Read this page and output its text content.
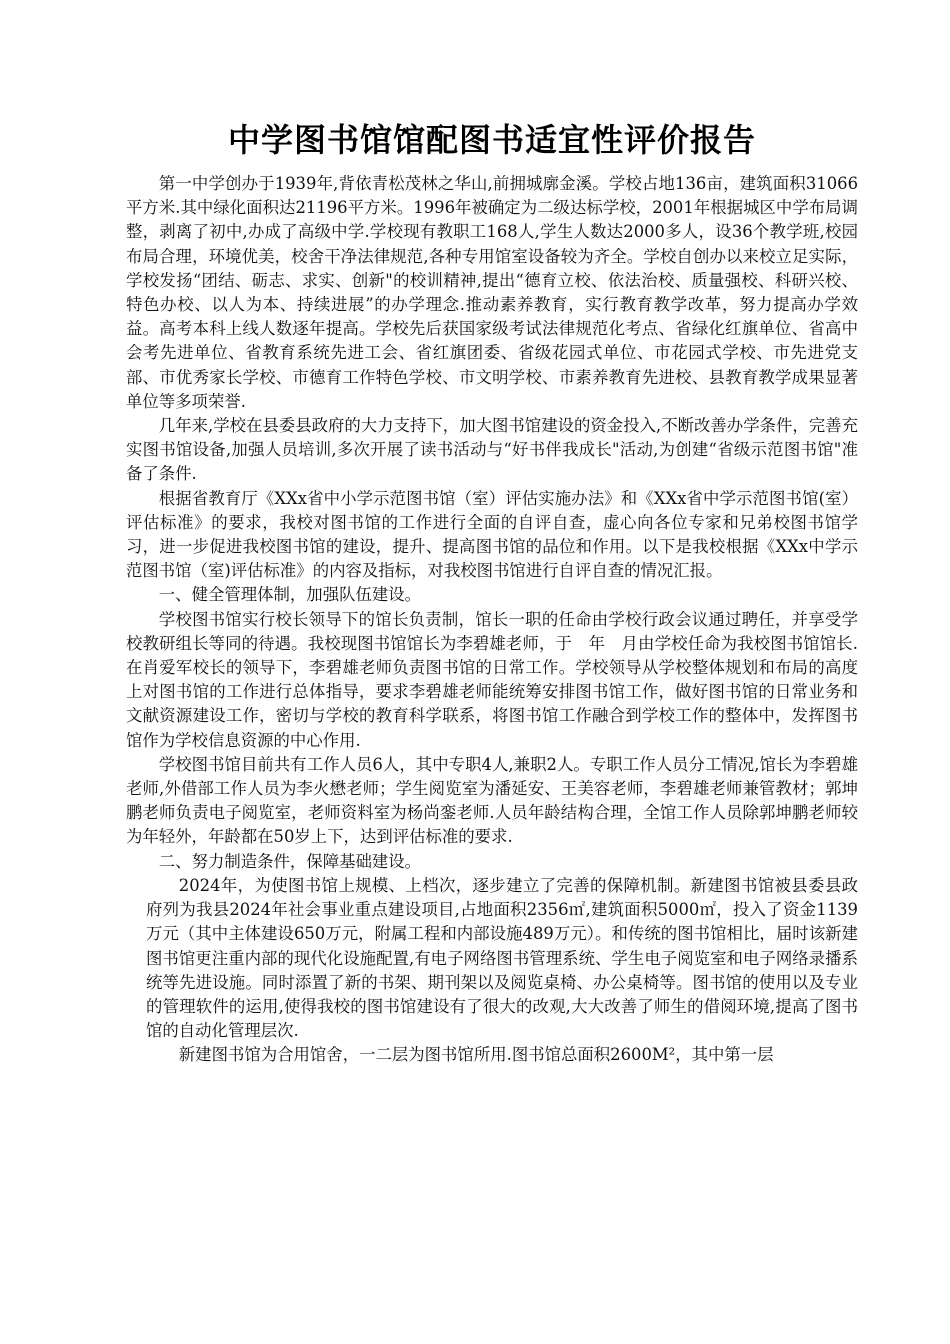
中学图书馆馆配图书适宜性评价报告

第一中学创办于1939年,背依青松茂林之华山,前拥城廓金溪。学校占地136亩，建筑面积31066平方米.其中绿化面积达21196平方米。1996年被确定为二级达标学校，2001年根据城区中学布局调整，剥离了初中,办成了高级中学.学校现有教职工168人,学生人数达2000多人，设36个教学班,校园布局合理，环境优美，校舍干净法律规范,各种专用馆室设备较为齐全。学校自创办以来校立足实际，学校发扬“团结、砺志、求实、创新"的校训精神,提出“德育立校、依法治校、质量强校、科研兴校、特色办校、以人为本、持续进展”的办学理念.推动素养教育，实行教育教学改革，努力提高办学效益。高考本科上线人数逐年提高。学校先后获国家级考试法律规范化考点、省绿化红旗单位、省高中会考先进单位、省教育系统先进工会、省红旗团委、省级花园式单位、市花园式学校、市先进党支部、市优秀家长学校、市德育工作特色学校、市文明学校、市素养教育先进校、县教育教学成果显著单位等多项荣誉.

几年来,学校在县委县政府的大力支持下，加大图书馆建设的资金投入,不断改善办学条件，完善充实图书馆设备,加强人员培训,多次开展了读书活动与“好书伴我成长"活动,为创建“省级示范图书馆"准备了条件.

根据省教育厅《XXx省中小学示范图书馆（室）评估实施办法》和《XXx省中学示范图书馆(室）评估标准》的要求，我校对图书馆的工作进行全面的自评自查，虚心向各位专家和兄弟校图书馆学习，进一步促进我校图书馆的建设，提升、提高图书馆的品位和作用。以下是我校根据《XXx中学示范图书馆（室)评估标准》的内容及指标，对我校图书馆进行自评自查的情况汇报。

一、健全管理体制，加强队伍建设。

学校图书馆实行校长领导下的馆长负责制，馆长一职的任命由学校行政会议通过聘任，并享受学校教研组长等同的待遇。我校现图书馆馆长为李碧雄老师，于　年　月由学校任命为我校图书馆馆长.在肖爱军校长的领导下，李碧雄老师负责图书馆的日常工作。学校领导从学校整体规划和布局的高度上对图书馆的工作进行总体指导，要求李碧雄老师能统筹安排图书馆工作，做好图书馆的日常业务和文献资源建设工作，密切与学校的教育科学联系，将图书馆工作融合到学校工作的整体中，发挥图书馆作为学校信息资源的中心作用.

学校图书馆目前共有工作人员6人，其中专职4人,兼职2人。专职工作人员分工情况,馆长为李碧雄老师,外借部工作人员为李火懋老师；学生阅览室为潘延安、王美容老师，李碧雄老师兼管教材；郭坤鹏老师负责电子阅览室，老师资料室为杨尚銮老师.人员年龄结构合理，全馆工作人员除郭坤鹏老师较为年轻外，年龄都在50岁上下，达到评估标准的要求.

二、努力制造条件，保障基础建设。

2024年，为使图书馆上规模、上档次，逐步建立了完善的保障机制。新建图书馆被县委县政府列为我县2024年社会事业重点建设项目,占地面积2356㎡,建筑面积5000㎡，投入了资金1139万元（其中主体建设650万元，附属工程和内部设施489万元）。和传统的图书馆相比，届时该新建图书馆更注重内部的现代化设施配置,有电子网络图书管理系统、学生电子阅览室和电子网络录播系统等先进设施。同时添置了新的书架、期刊架以及阅览桌椅、办公桌椅等。图书馆的使用以及专业的管理软件的运用,使得我校的图书馆建设有了很大的改观,大大改善了师生的借阅环境,提高了图书馆的自动化管理层次.

新建图书馆为合用馆舍，一二层为图书馆所用.图书馆总面积2600M²，其中第一层
